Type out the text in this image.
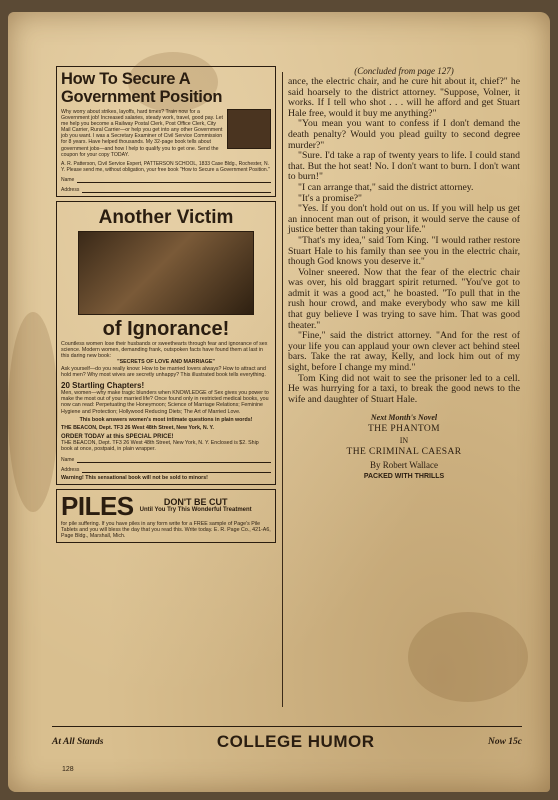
How To Secure A Government Position
Why worry about strikes, layoffs, hard times? Train now for a Government job! Increased salaries, steady work, travel, good pay. Let me help you become a Railway Postal Clerk, Post Office Clerk, City Mail Carrier, Rural Carrier—or help you get into any other Government job you want. I was a Secretary Examiner of Civil Service Commission for 8 years. Have helped thousands. My 32-page book tells about government jobs—and how I help to qualify you to get one. Send the coupon for your copy TODAY.
A. R. Patterson, Civil Service Expert, PATTERSON SCHOOL, 1833 Case Bldg., Rochester, N. Y. Please send me, without obligation, your free book "How to Secure a Government Position."
Name
Address
Another Victim
of Ignorance!
Countless women lose their husbands or sweethearts through fear and ignorance of sex science. Modern women, demanding frank, outspoken facts have found them at last in this daring new book:
"SECRETS OF LOVE AND MARRIAGE"
Ask yourself—do you really know: How to be married lovers always? How to attract and hold men? Why most wives are secretly unhappy? This illustrated book tells everything.
20 Startling Chapters!
Men, women—why make tragic blunders when KNOWLEDGE of Sex gives you power to make the most out of your married life? Once found only in restricted medical books, you now can read: Perpetuating the Honeymoon; Science of Marriage Relations; Feminine Hygiene and Protection; Hollywood Reducing Diets; The Art of Married Love.
This book answers women's most intimate questions in plain words!
THE BEACON, Dept. TF3 26 West 48th Street, New York, N. Y.
ORDER TODAY at this SPECIAL PRICE!
THE BEACON, Dept. TF3 26 West 48th Street, New York, N. Y. Enclosed is $2. Ship book at once, postpaid, in plain wrapper.
Name
Address
Warning! This sensational book will not be sold to minors!
PILES	DON'T BE CUT
Until You Try This Wonderful Treatment
for pile suffering. If you have piles in any form write for a FREE sample of Page's Pile Tablets and you will bless the day that you read this. Write today. E. R. Page Co., 421-A6, Page Bldg., Marshall, Mich.
(Concluded from page 127)

ance, the electric chair, and he cure hit about it, chief?" he said hoarsely to the district attorney. "Suppose, Volner, it works. If I tell who shot . . . will he afford and get Stuart Hale free, would it buy me anything?"

"You mean you want to confess if I don't demand the death penalty? Would you plead guilty to second degree murder?"

"Sure. I'd take a rap of twenty years to life. I could stand that. But the hot seat! No. I don't want to burn. I don't want to burn!"

"I can arrange that," said the district attorney.

"It's a promise?"

"Yes. If you don't hold out on us. If you will help us get an innocent man out of prison, it would serve the cause of justice better than taking your life."

"That's my idea," said Tom King. "I would rather restore Stuart Hale to his family than see you in the electric chair, though God knows you deserve it."

Volner sneered. Now that the fear of the electric chair was over, his old braggart spirit returned. "You've got to admit it was a good act," he boasted. "To pull that in the rush hour crowd, and make everybody who saw me kill that guy believe I was trying to save him. That was good theater."

"Fine," said the district attorney. "And for the rest of your life you can applaud your own clever act behind steel bars. Take the rat away, Kelly, and lock him out of my sight, before I change my mind."

Tom King did not wait to see the prisoner led to a cell. He was hurrying for a taxi, to break the good news to the wife and daughter of Stuart Hale.

Next Month's Novel
THE PHANTOM
IN
THE CRIMINAL CAESAR
By Robert Wallace
PACKED WITH THRILLS
At All Stands	COLLEGE HUMOR	Now 15c
128
